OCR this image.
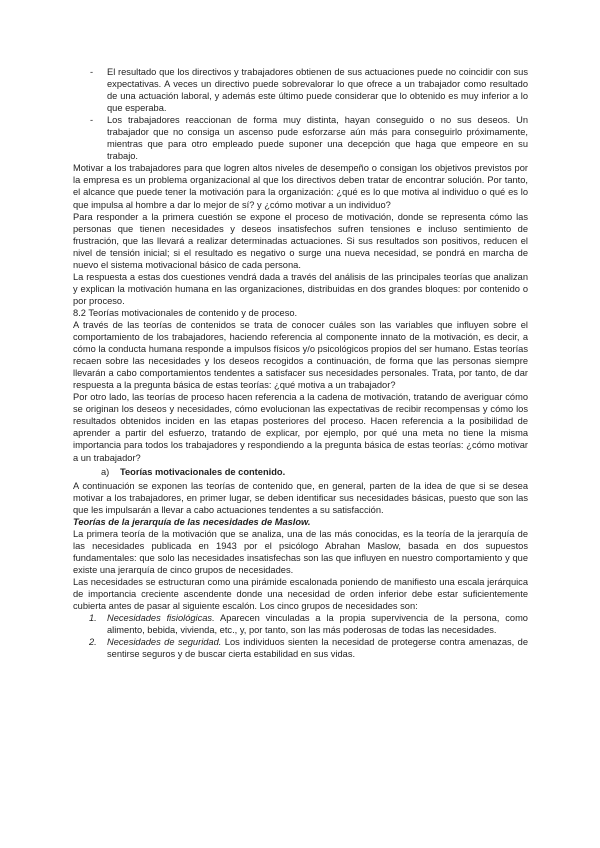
- El resultado que los directivos y trabajadores obtienen de sus actuaciones puede no coincidir con sus expectativas. A veces un directivo puede sobrevalorar lo que ofrece a un trabajador como resultado de una actuación laboral, y además este último puede considerar que lo obtenido es muy inferior a lo que esperaba.
- Los trabajadores reaccionan de forma muy distinta, hayan conseguido o no sus deseos. Un trabajador que no consiga un ascenso pude esforzarse aún más para conseguirlo próximamente, mientras que para otro empleado puede suponer una decepción que haga que empeore en su trabajo.

Motivar a los trabajadores para que logren altos niveles de desempeño o consigan los objetivos previstos por la empresa es un problema organizacional al que los directivos deben tratar de encontrar solución. Por tanto, el alcance que puede tener la motivación para la organización: ¿qué es lo que motiva al individuo o qué es lo que impulsa al hombre a dar lo mejor de sí? y ¿cómo motivar a un individuo?

Para responder a la primera cuestión se expone el proceso de motivación, donde se representa cómo las personas que tienen necesidades y deseos insatisfechos sufren tensiones e incluso sentimiento de frustración, que las llevará a realizar determinadas actuaciones. Si sus resultados son positivos, reducen el nivel de tensión inicial; si el resultado es negativo o surge una nueva necesidad, se pondrá en marcha de nuevo el sistema motivacional básico de cada persona.

La respuesta a estas dos cuestiones vendrá dada a través del análisis de las principales teorías que analizan y explican la motivación humana en las organizaciones, distribuidas en dos grandes bloques: por contenido o por proceso.

8.2 Teorías motivacionales de contenido y de proceso.

A través de las teorías de contenidos se trata de conocer cuáles son las variables que influyen sobre el comportamiento de los trabajadores, haciendo referencia al componente innato de la motivación, es decir, a cómo la conducta humana responde a impulsos físicos y/o psicológicos propios del ser humano. Estas teorías recaen sobre las necesidades y los deseos recogidos a continuación, de forma que las personas siempre llevarán a cabo comportamientos tendentes a satisfacer sus necesidades personales. Trata, por tanto, de dar respuesta a la pregunta básica de estas teorías: ¿qué motiva a un trabajador?

Por otro lado, las teorías de proceso hacen referencia a la cadena de motivación, tratando de averiguar cómo se originan los deseos y necesidades, cómo evolucionan las expectativas de recibir recompensas y cómo los resultados obtenidos inciden en las etapas posteriores del proceso. Hacen referencia a la posibilidad de aprender a partir del esfuerzo, tratando de explicar, por ejemplo, por qué una meta no tiene la misma importancia para todos los trabajadores y respondiendo a la pregunta básica de estas teorías: ¿cómo motivar a un trabajador?

a) Teorías motivacionales de contenido.

A continuación se exponen las teorías de contenido que, en general, parten de la idea de que si se desea motivar a los trabajadores, en primer lugar, se deben identificar sus necesidades básicas, puesto que son las que les impulsarán a llevar a cabo actuaciones tendentes a su satisfacción.

Teorías de la jerarquía de las necesidades de Maslow.

La primera teoría de la motivación que se analiza, una de las más conocidas, es la teoría de la jerarquía de las necesidades publicada en 1943 por el psicólogo Abrahan Maslow, basada en dos supuestos fundamentales: que solo las necesidades insatisfechas son las que influyen en nuestro comportamiento y que existe una jerarquía de cinco grupos de necesidades.

Las necesidades se estructuran como una pirámide escalonada poniendo de manifiesto una escala jerárquica de importancia creciente ascendente donde una necesidad de orden inferior debe estar suficientemente cubierta antes de pasar al siguiente escalón. Los cinco grupos de necesidades son:

1. Necesidades fisiológicas. Aparecen vinculadas a la propia supervivencia de la persona, como alimento, bebida, vivienda, etc., y, por tanto, son las más poderosas de todas las necesidades.
2. Necesidades de seguridad. Los individuos sienten la necesidad de protegerse contra amenazas, de sentirse seguros y de buscar cierta estabilidad en sus vidas.
